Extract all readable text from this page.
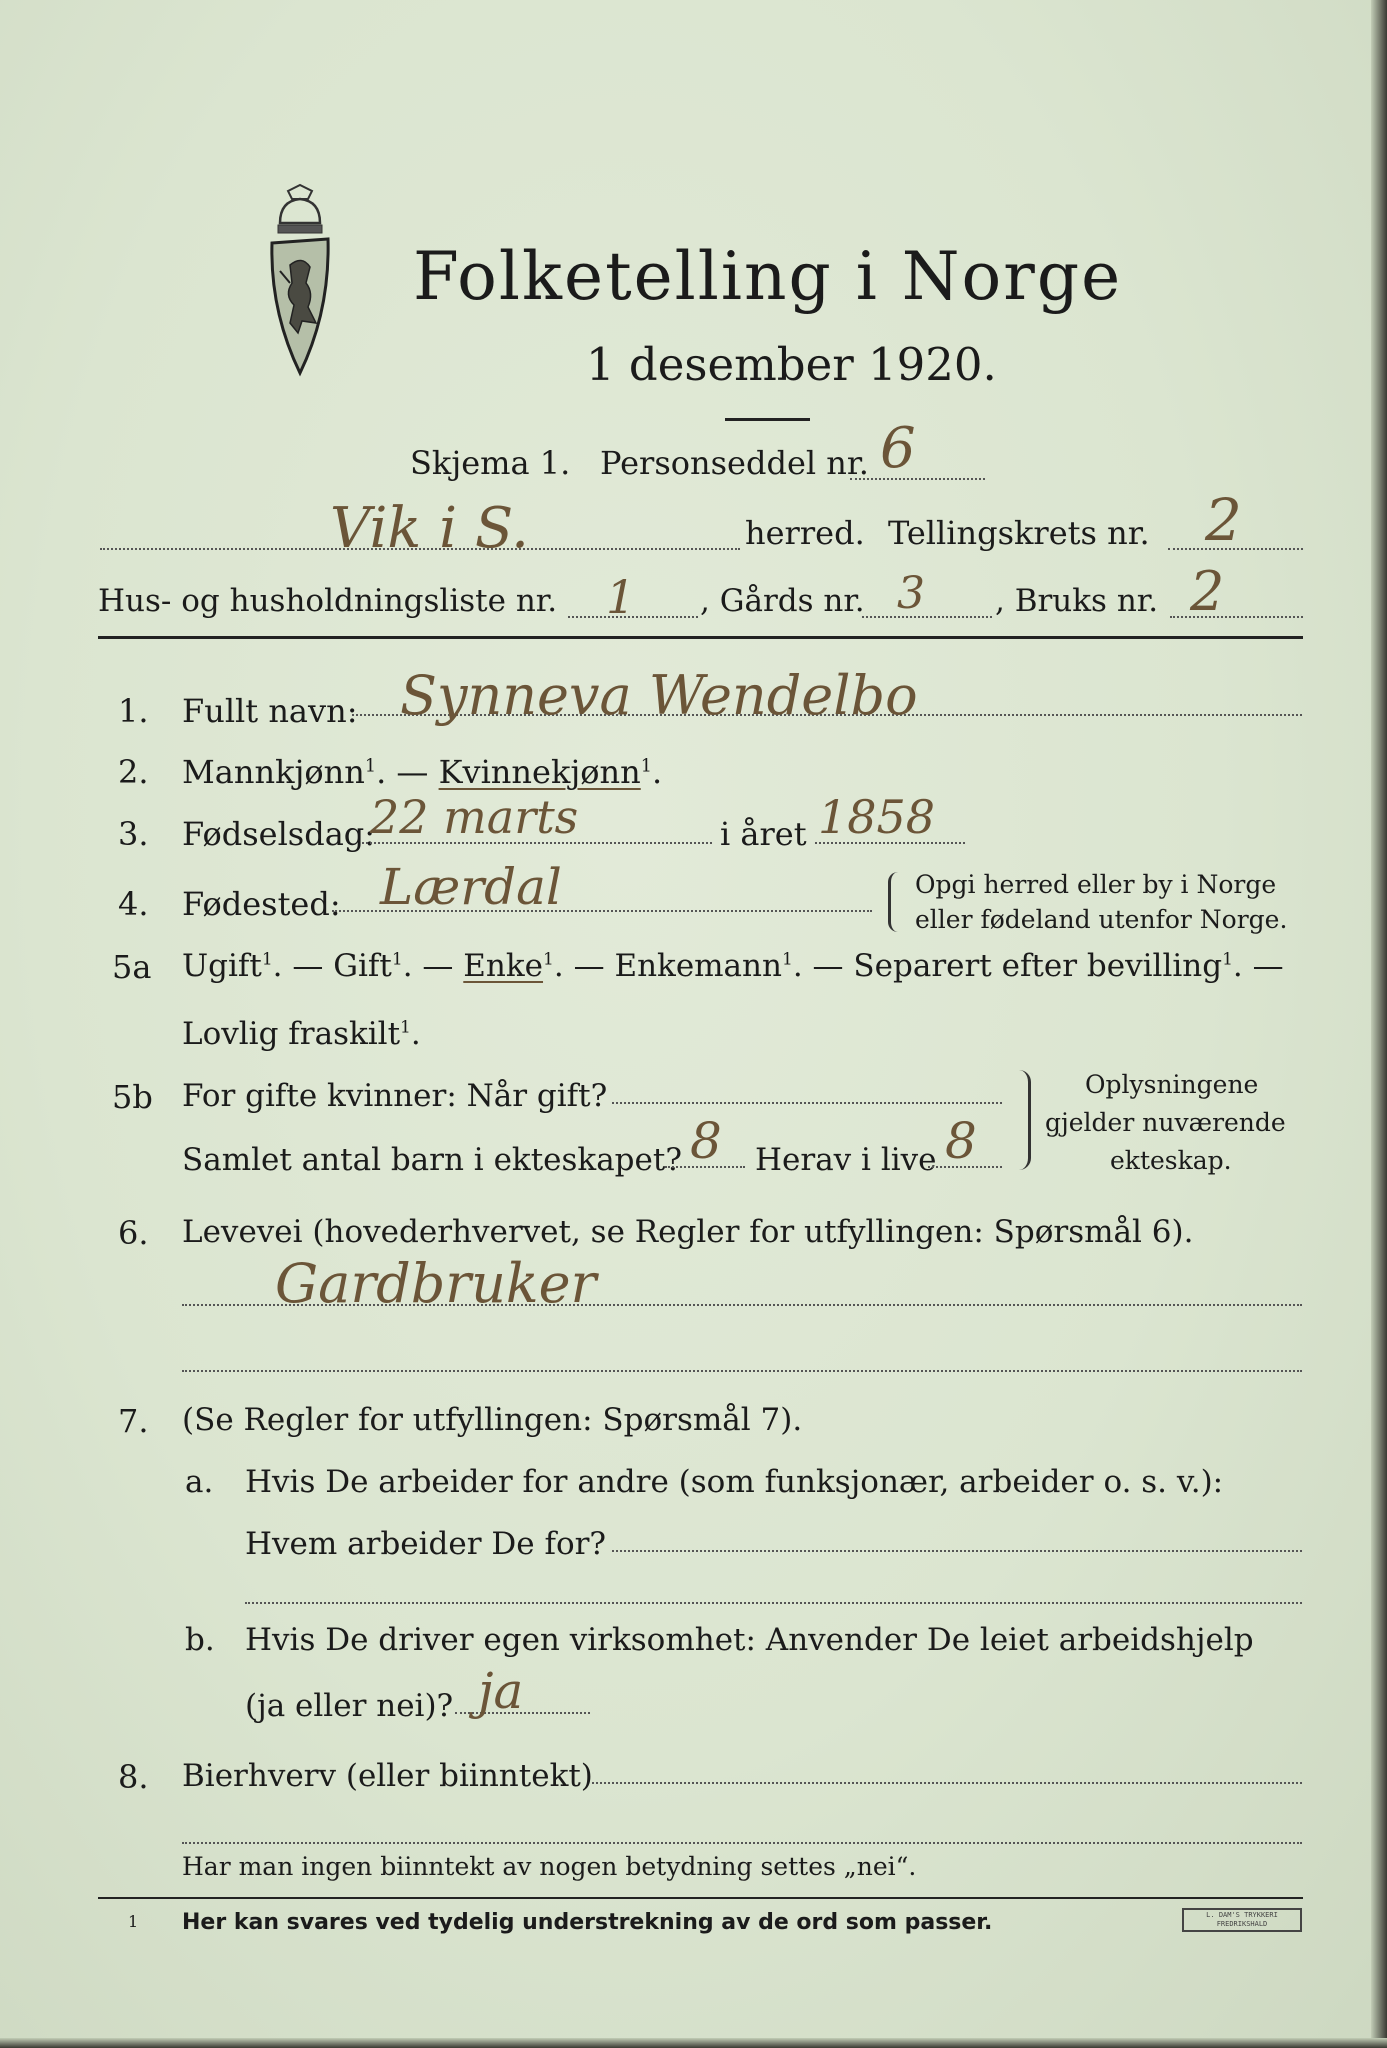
Folketelling i Norge
1 desember 1920.
Skjema 1. Personseddel nr. 6
Vik i S.	herred. Tellingskrets nr. 2
Hus- og husholdningsliste nr. 1 , Gårds nr. 3 , Bruks nr. 2
1. Fullt navn: Synneva Wendelbo
2. Mannkjønn$^1$. — Kvinnekjønn$^1$.
3. Fødselsdag:
22 marts	i året 1858
4. Fødested: Lærdal	Opgi herred eller by i Norge
eller fødeland utenfor Norge.
5a Ugift$^1$. — Gift$^1$. — Enke$^1$. — Enkemann$^1$. — Separert efter bevilling$^1$. —
Lovlig fraskilt$^1$.
5b For gifte kvinner: Når gift?
Samlet antal barn i ekteskapet? 8 Herav i live 8
Oplysningene
gjelder nuværende
ekteskap.
6. Levevei (hovederhvervet, se Regler for utfyllingen: Spørsmål 6).
Gardbruker
7. (Se Regler for utfyllingen: Spørsmål 7).
a. Hvis De arbeider for andre (som funksjonær, arbeider o. s. v.):
Hvem arbeider De for?
b. Hvis De driver egen virksomhet: Anvender De leiet arbeidshjelp
(ja eller nei)? ja
8. Bierhverv (eller biinntekt)
Har man ingen biinntekt av nogen betydning settes „nei“.
1 Her kan svares ved tydelig understrekning av de ord som passer.	L. DAM'S TRYKKERI
FREDRIKSHALD
